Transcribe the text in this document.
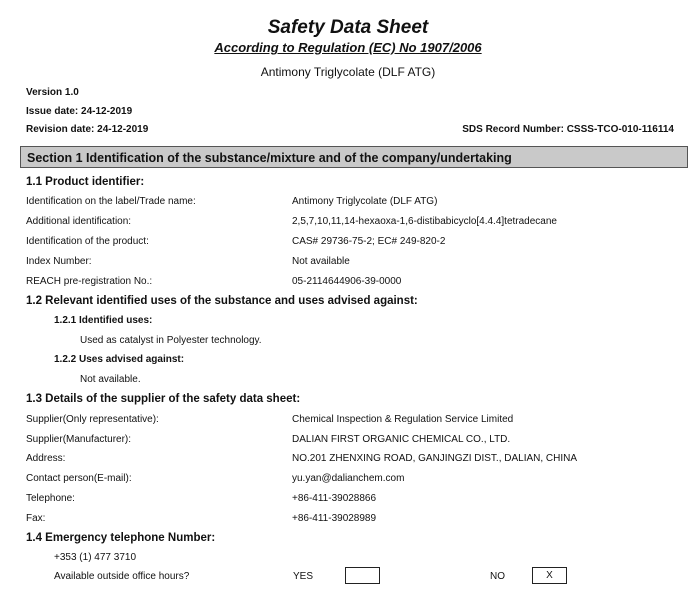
Safety Data Sheet
According to Regulation (EC) No 1907/2006
Antimony Triglycolate (DLF ATG)
Version 1.0
Issue date: 24-12-2019
Revision date: 24-12-2019	SDS Record Number: CSSS-TCO-010-116114
Section 1 Identification of the substance/mixture and of the company/undertaking
1.1 Product identifier:
Identification on the label/Trade name:	Antimony Triglycolate (DLF ATG)
Additional identification:	2,5,7,10,11,14-hexaoxa-1,6-distibabicyclo[4.4.4]tetradecane
Identification of the product:	CAS# 29736-75-2; EC# 249-820-2
Index Number:	Not available
REACH pre-registration No.:	05-2114644906-39-0000
1.2 Relevant identified uses of the substance and uses advised against:
1.2.1 Identified uses:
Used as catalyst in Polyester technology.
1.2.2 Uses advised against:
Not available.
1.3 Details of the supplier of the safety data sheet:
Supplier(Only representative):	Chemical Inspection & Regulation Service Limited
Supplier(Manufacturer):	DALIAN FIRST ORGANIC CHEMICAL CO., LTD.
Address:	NO.201 ZHENXING ROAD, GANJINGZI DIST., DALIAN, CHINA
Contact person(E-mail):	yu.yan@dalianchem.com
Telephone:	+86-411-39028866
Fax:	+86-411-39028989
1.4 Emergency telephone Number:
+353 (1) 477 3710
Available outside office hours?	YES	NO	X
